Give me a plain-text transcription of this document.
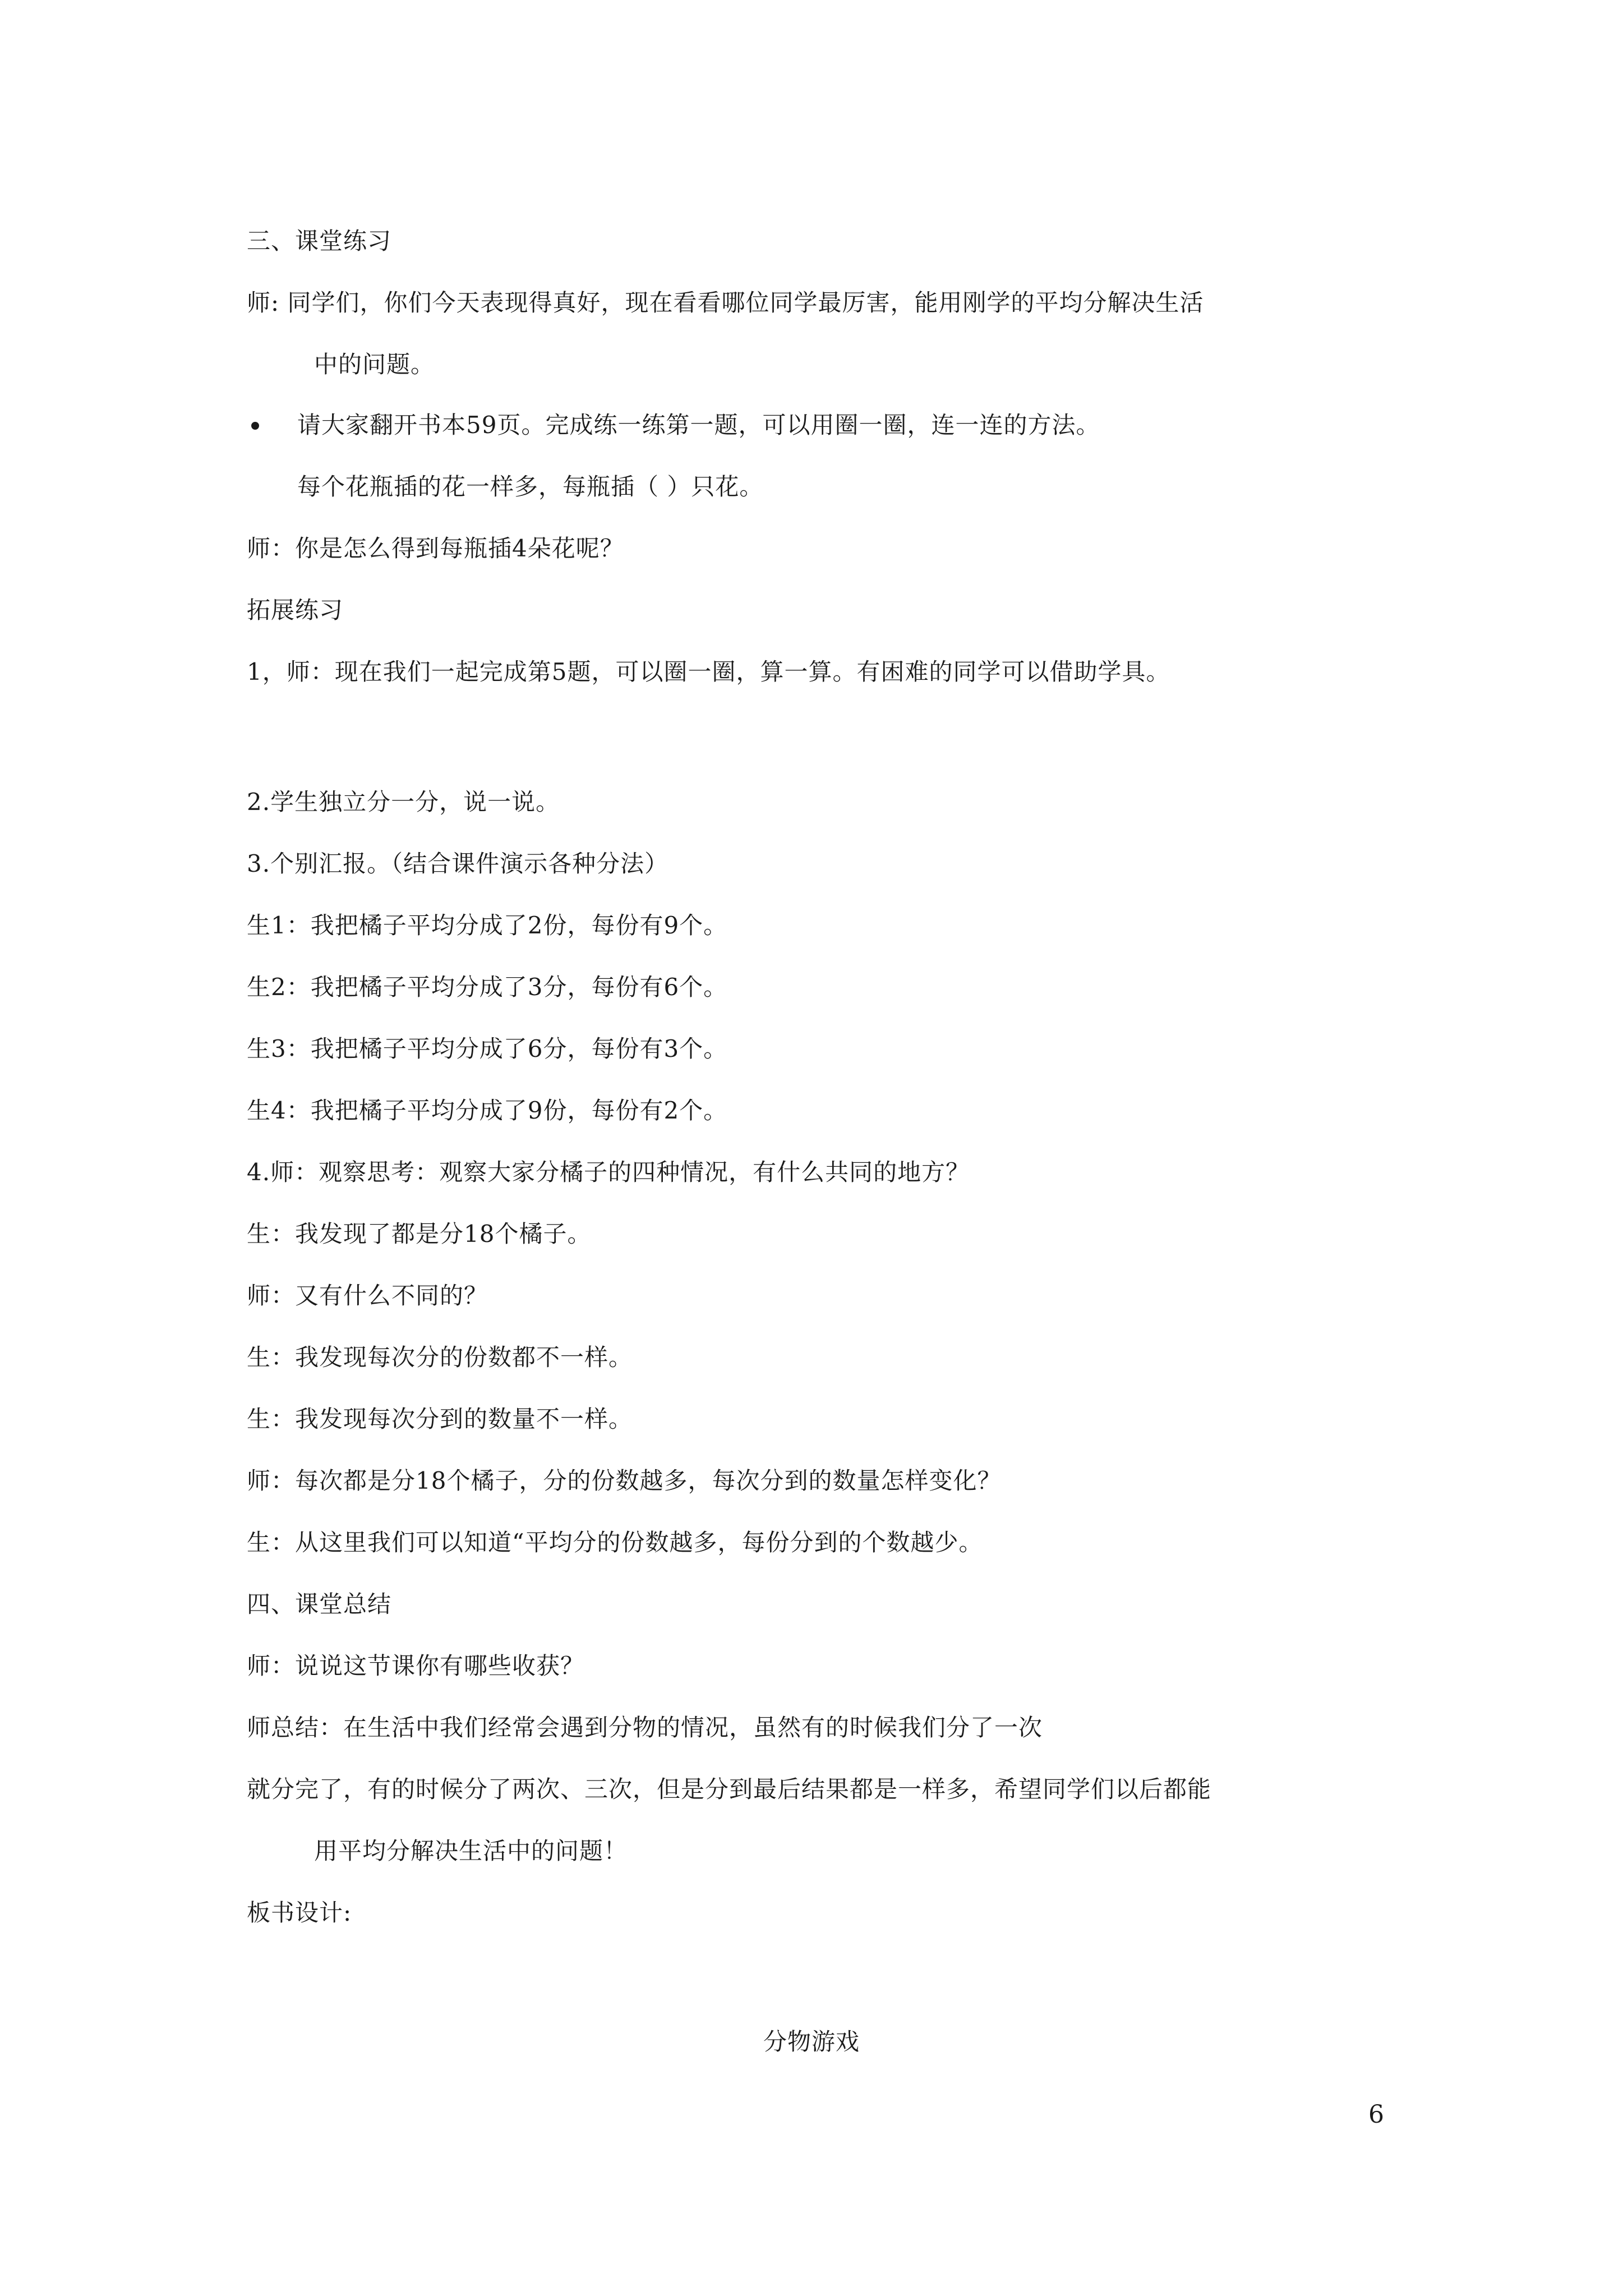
三、课堂练习
师: 同学们，你们今天表现得真好，现在看看哪位同学最厉害，能用刚学的平均分解决生活
中的问题。
请大家翻开书本59页。完成练一练第一题，可以用圈一圈，连一连的方法。
每个花瓶插的花一样多，每瓶插（ ）只花。
师：你是怎么得到每瓶插4朵花呢？
拓展练习
1，师：现在我们一起完成第5题，可以圈一圈，算一算。有困难的同学可以借助学具。
2.学生独立分一分，说一说。
3.个别汇报。（结合课件演示各种分法）
生1：我把橘子平均分成了2份，每份有9个。
生2：我把橘子平均分成了3分，每份有6个。
生3：我把橘子平均分成了6分，每份有3个。
生4：我把橘子平均分成了9份，每份有2个。
4.师：观察思考：观察大家分橘子的四种情况，有什么共同的地方？
生：我发现了都是分18个橘子。
师：又有什么不同的？
生：我发现每次分的份数都不一样。
生：我发现每次分到的数量不一样。
师：每次都是分18个橘子，分的份数越多，每次分到的数量怎样变化？
生：从这里我们可以知道“平均分的份数越多，每份分到的个数越少。
四、课堂总结
师：说说这节课你有哪些收获？
师总结：在生活中我们经常会遇到分物的情况，虽然有的时候我们分了一次
就分完了，有的时候分了两次、三次，但是分到最后结果都是一样多，希望同学们以后都能
用平均分解决生活中的问题！
板书设计:
分物游戏
6
